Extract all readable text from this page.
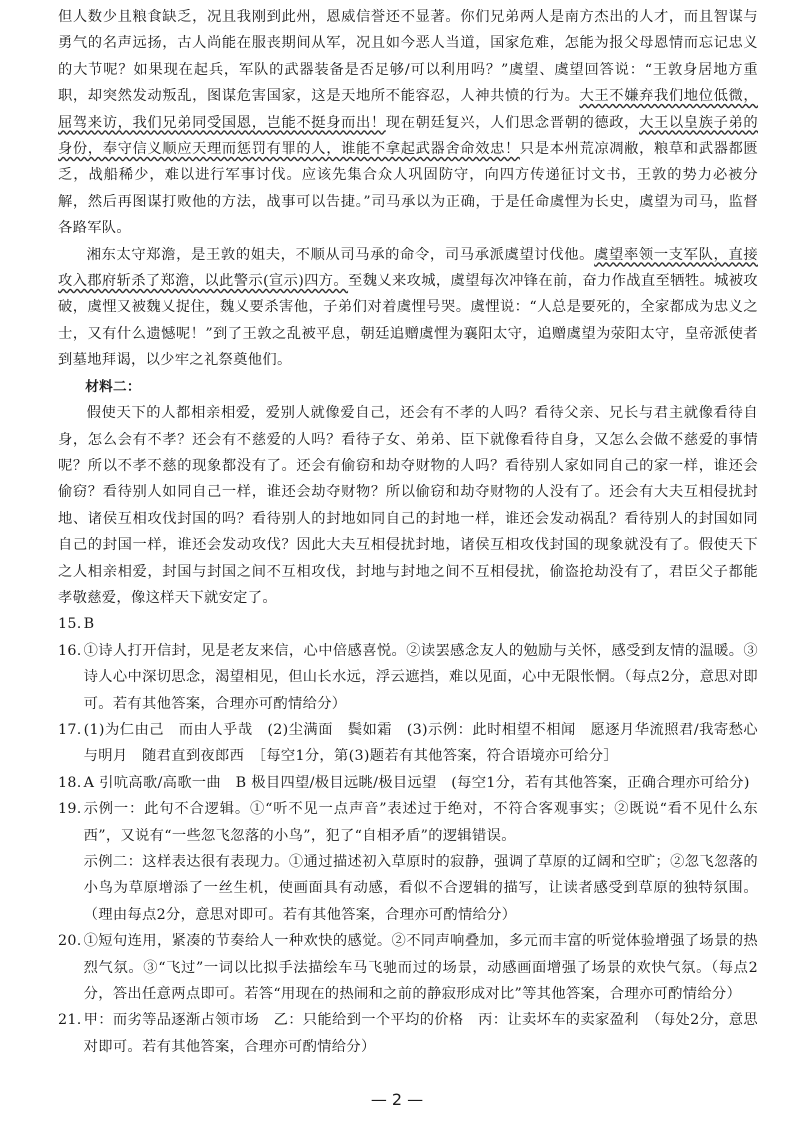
但人数少且粮食缺乏，况且我刚到此州，恩威信誉还不显著。你们兄弟两人是南方杰出的人才，而且智谋与勇气的名声远扬，古人尚能在服丧期间从军，况且如今恶人当道，国家危难，怎能为报父母恩情而忘记忠义的大节呢？如果现在起兵，军队的武器装备是否足够/可以利用吗？”虞望、虞望回答说：“王敦身居地方重职，却突然发动叛乱，图谋危害国家，这是天地所不能容忍，人神共愤的行为。大王不嫌弃我们地位低微，屈驾来访，我们兄弟同受国恩，岂能不挺身而出！现在朝廷复兴，人们思念晋朝的德政，大王以皇族子弟的身份，奉守信义顺应天理而惩罚有罪的人，谁能不拿起武器舍命效忠！只是本州荒凉凋敝，粮草和武器都匮乏，战船稀少，难以进行军事讨伐。应该先集合众人巩固防守，向四方传递征讨文书，王敦的势力必被分解，然后再图谋打败他的方法，战事可以告捷。”司马承以为正确，于是任命虞悝为长史，虞望为司马，监督各路军队。

湘东太守郑澹，是王敦的姐夫，不顺从司马承的命令，司马承派虞望讨伐他。虞望率领一支军队，直接攻入郡府斩杀了郑澹，以此警示(宣示)四方。至魏乂来攻城，虞望每次冲锋在前，奋力作战直至牺牲。城被攻破，虞悝又被魏乂捉住，魏乂要杀害他，子弟们对着虞悝号哭。虞悝说：“人总是要死的，全家都成为忠义之士，又有什么遗憾呢！”到了王敦之乱被平息，朝廷追赠虞悝为襄阳太守，追赠虞望为荥阳太守，皇帝派使者到墓地拜谒，以少牢之礼祭奠他们。

材料二：

假使天下的人都相亲相爱，爱别人就像爱自己，还会有不孝的人吗？看待父亲、兄长与君主就像看待自身，怎么会有不孝？还会有不慈爱的人吗？看待子女、弟弟、臣下就像看待自身，又怎么会做不慈爱的事情呢？所以不孝不慈的现象都没有了。还会有偷窃和劫夺财物的人吗？看待别人家如同自己的家一样，谁还会偷窃？看待别人如同自己一样，谁还会劫夺财物？所以偷窃和劫夺财物的人没有了。还会有大夫互相侵扰封地、诸侯互相攻伐封国的吗？看待别人的封地如同自己的封地一样，谁还会发动祸乱？看待别人的封国如同自己的封国一样，谁还会发动攻伐？因此大夫互相侵扰封地，诸侯互相攻伐封国的现象就没有了。假使天下之人相亲相爱，封国与封国之间不互相攻伐，封地与封地之间不互相侵扰，偷盗抢劫没有了，君臣父子都能孝敬慈爱，像这样天下就安定了。

15. B
16. ①诗人打开信封，见是老友来信，心中倍感喜悦。②读罢感念友人的勉励与关怀，感受到友情的温暖。③诗人心中深切思念，渴望相见，但山长水远，浮云遮挡，难以见面，心中无限怅惘。（每点2分，意思对即可。若有其他答案，合理亦可酌情给分）
17. (1)为仁由己　而由人乎哉　(2)尘满面　鬓如霜　(3)示例：此时相望不相闻　愿逐月华流照君/我寄愁心与明月　随君直到夜郎西　［每空1分，第(3)题若有其他答案，符合语境亦可给分］
18. A 引吭高歌/高歌一曲　B 极目四望/极目远眺/极目远望　(每空1分，若有其他答案，正确合理亦可给分)
19. 示例一：此句不合逻辑。①“听不见一点声音”表述过于绝对，不符合客观事实；②既说“看不见什么东西”，又说有“一些忽飞忽落的小鸟”，犯了“自相矛盾”的逻辑错误。
示例二：这样表达很有表现力。①通过描述初入草原时的寂静，强调了草原的辽阔和空旷；②忽飞忽落的小鸟为草原增添了一丝生机，使画面具有动感，看似不合逻辑的描写，让读者感受到草原的独特氛围。（理由每点2分，意思对即可。若有其他答案，合理亦可酌情给分）
20. ①短句连用，紧凑的节奏给人一种欢快的感觉。②不同声响叠加，多元而丰富的听觉体验增强了场景的热烈气氛。③“飞过”一词以比拟手法描绘车马飞驰而过的场景，动感画面增强了场景的欢快气氛。（每点2分，答出任意两点即可。若答“用现在的热闹和之前的静寂形成对比”等其他答案，合理亦可酌情给分）
21. 甲：而劣等品逐渐占领市场　乙：只能给到一个平均的价格　丙：让卖坏车的卖家盈利　（每处2分，意思对即可。若有其他答案，合理亦可酌情给分）
— 2 —
